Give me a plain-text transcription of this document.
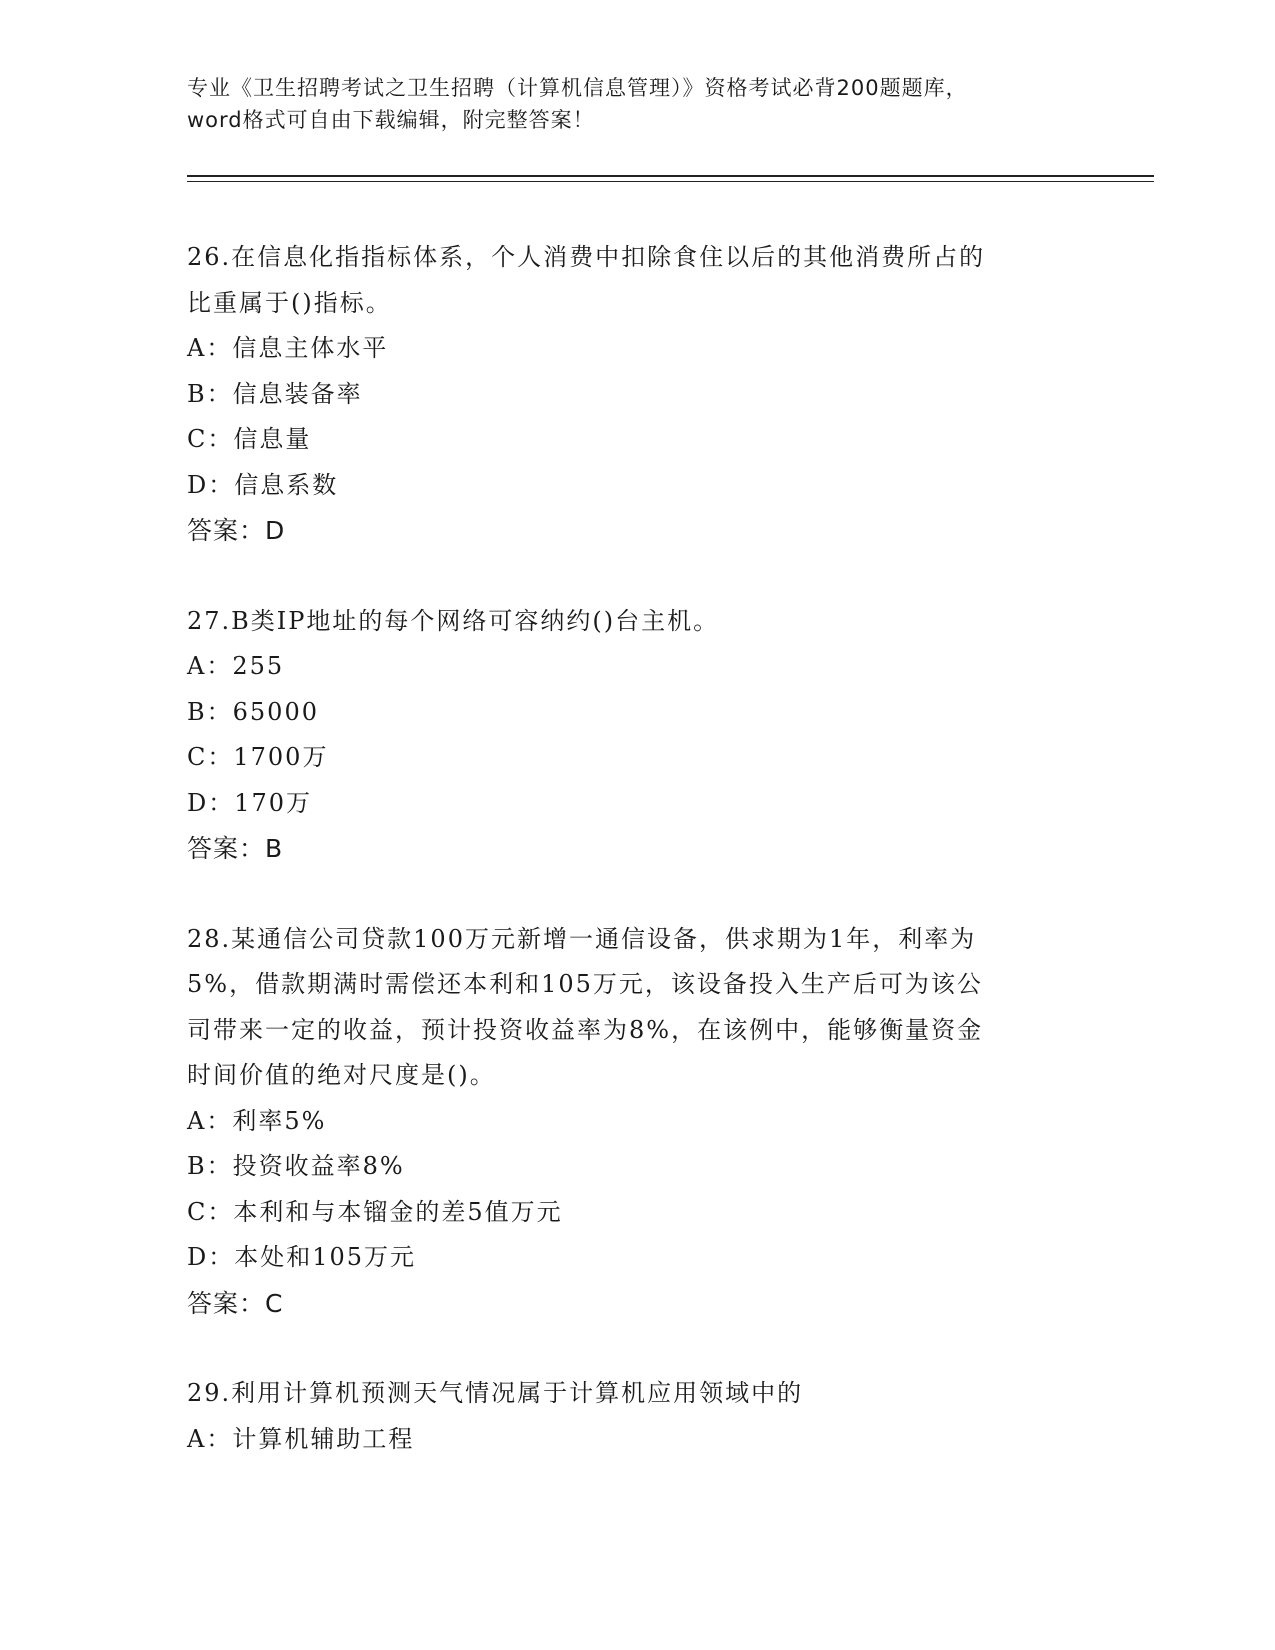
专业《卫生招聘考试之卫生招聘（计算机信息管理）》资格考试必背200题题库，
word格式可自由下载编辑，附完整答案！
26.在信息化指指标体系，个人消费中扣除食住以后的其他消费所占的
比重属于()指标。
A：信息主体水平
B：信息装备率
C：信息量
D：信息系数
答案：D
27.B类IP地址的每个网络可容纳约()台主机。
A：255
B：65000
C：1700万
D：170万
答案：B
28.某通信公司贷款100万元新增一通信设备，供求期为1年，利率为
5%，借款期满时需偿还本利和105万元，该设备投入生产后可为该公
司带来一定的收益，预计投资收益率为8%，在该例中，能够衡量资金
时间价值的绝对尺度是()。
A：利率5%
B：投资收益率8%
C：本利和与本镏金的差5值万元
D：本处和105万元
答案：C
29.利用计算机预测天气情况属于计算机应用领域中的
A：计算机辅助工程
